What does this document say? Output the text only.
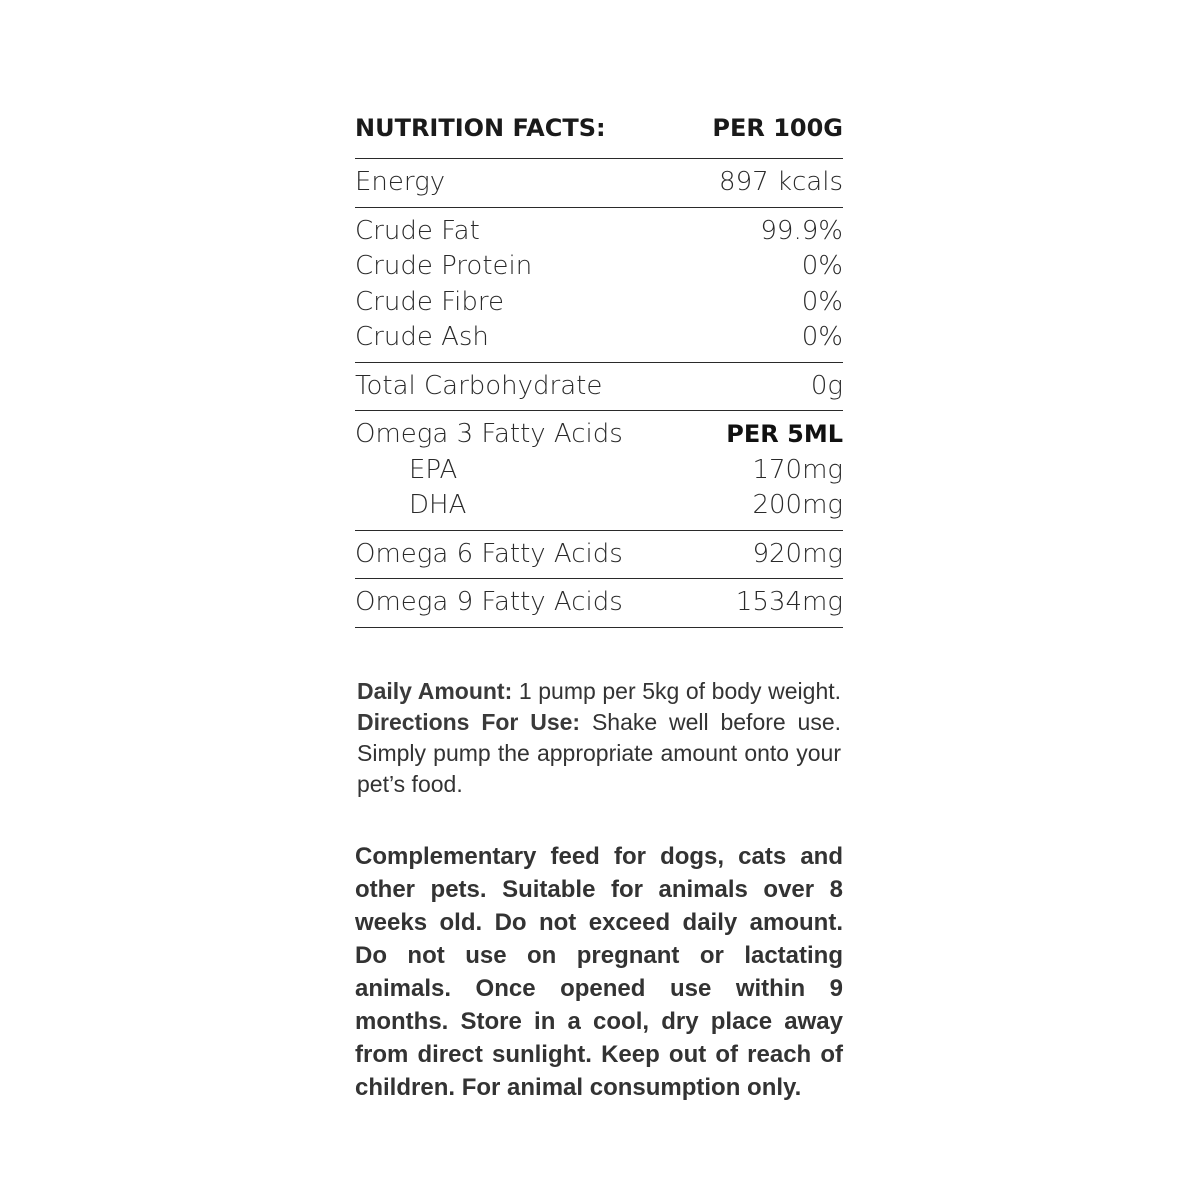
NUTRITION FACTS:	PER 100G
Energy	897 kcals
Crude Fat	99.9%
Crude Protein	0%
Crude Fibre	0%
Crude Ash	0%
Total Carbohydrate	0g
Omega 3 Fatty Acids	PER 5ML
EPA	170mg
DHA	200mg
Omega 6 Fatty Acids	920mg
Omega 9 Fatty Acids	1534mg
Daily Amount: 1 pump per 5kg of body weight. Directions For Use: Shake well before use. Simply pump the appropriate amount onto your pet’s food.
Complementary feed for dogs, cats and other pets. Suitable for animals over 8 weeks old. Do not exceed daily amount. Do not use on pregnant or lactating animals. Once opened use within 9 months. Store in a cool, dry place away from direct sunlight. Keep out of reach of children. For animal consumption only.
